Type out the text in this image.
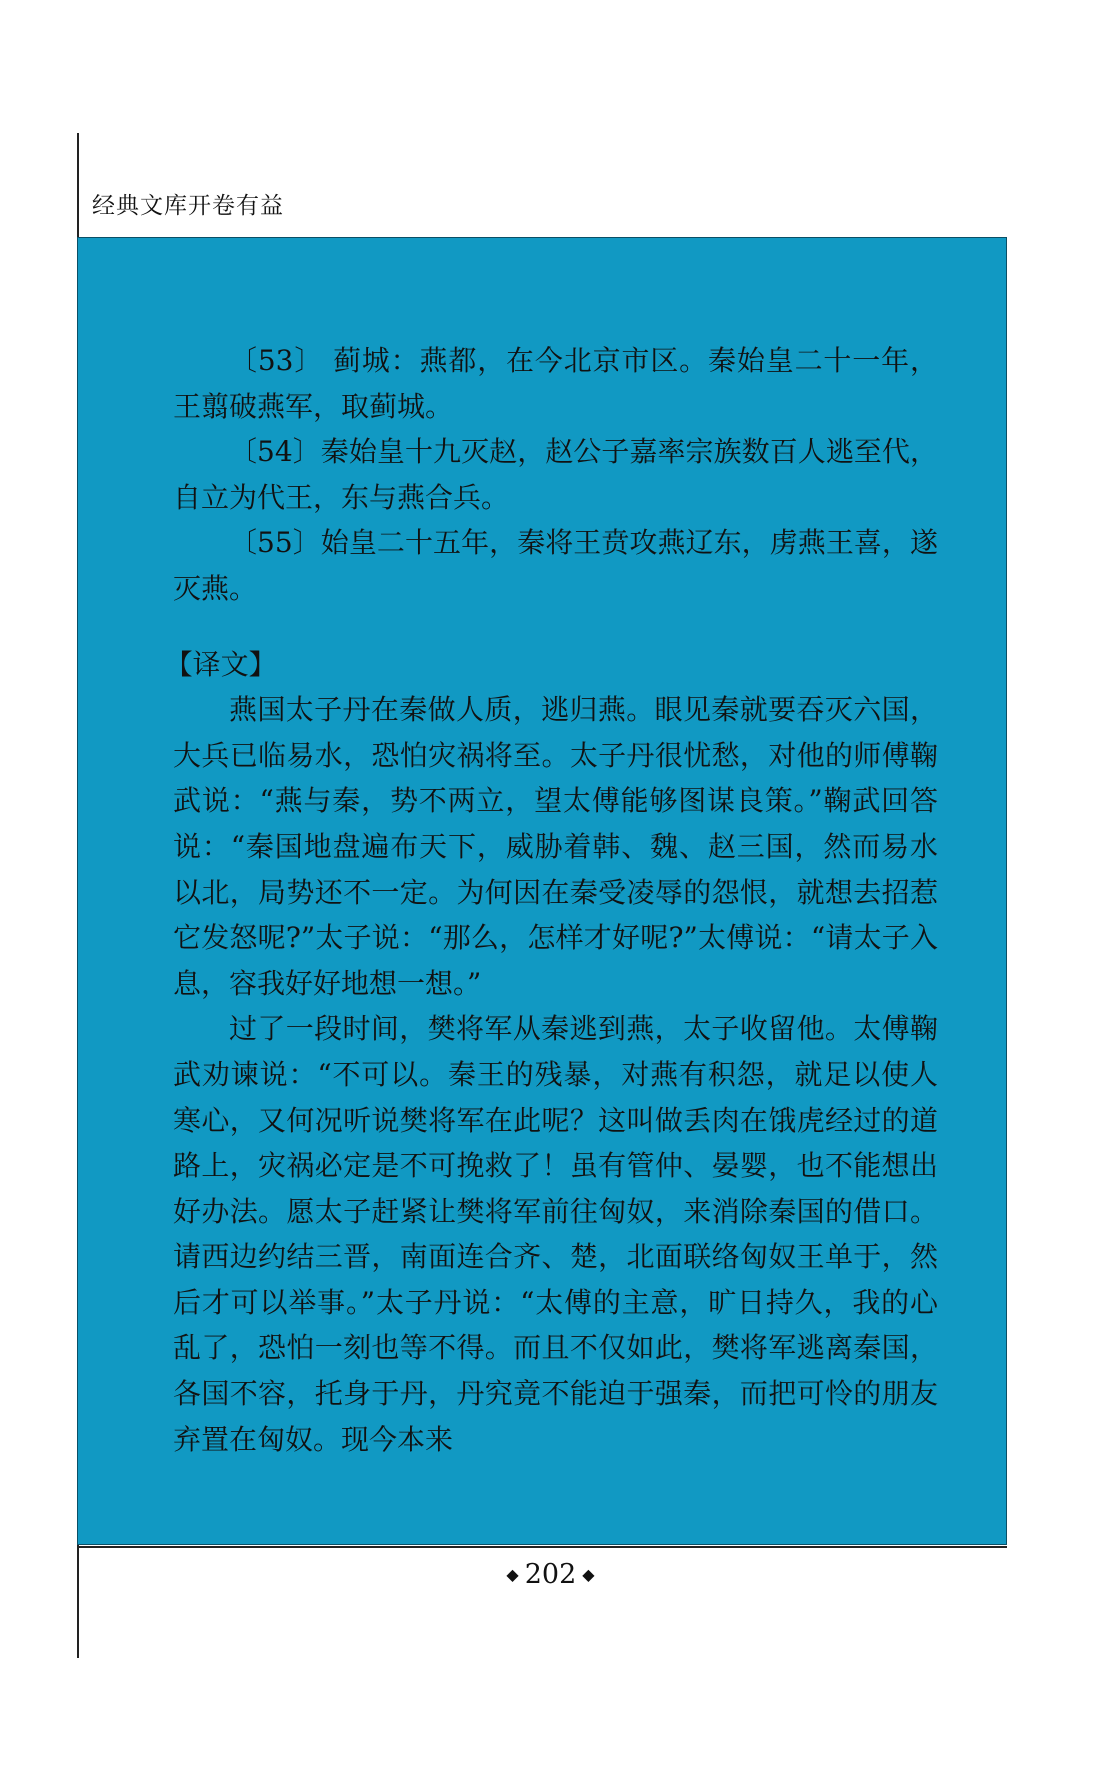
经典文库开卷有益

〔53〕 蓟城：燕都，在今北京市区。秦始皇二十一年，王翦破燕军，取蓟城。

〔54〕秦始皇十九灭赵，赵公子嘉率宗族数百人逃至代，自立为代王，东与燕合兵。

〔55〕始皇二十五年，秦将王贲攻燕辽东，虏燕王喜，遂灭燕。

【译文】

燕国太子丹在秦做人质，逃归燕。眼见秦就要吞灭六国，大兵已临易水，恐怕灾祸将至。太子丹很忧愁，对他的师傅鞠武说：“燕与秦，势不两立，望太傅能够图谋良策。”鞠武回答说：“秦国地盘遍布天下，威胁着韩、魏、赵三国，然而易水以北，局势还不一定。为何因在秦受凌辱的怨恨，就想去招惹它发怒呢?”太子说：“那么，怎样才好呢?”太傅说：“请太子入息，容我好好地想一想。”

过了一段时间，樊将军从秦逃到燕，太子收留他。太傅鞠武劝谏说：“不可以。秦王的残暴，对燕有积怨，就足以使人寒心，又何况听说樊将军在此呢？这叫做丢肉在饿虎经过的道路上，灾祸必定是不可挽救了！虽有管仲、晏婴，也不能想出好办法。愿太子赶紧让樊将军前往匈奴，来消除秦国的借口。请西边约结三晋，南面连合齐、楚，北面联络匈奴王单于，然后才可以举事。”太子丹说：“太傅的主意，旷日持久，我的心乱了，恐怕一刻也等不得。而且不仅如此，樊将军逃离秦国，各国不容，托身于丹，丹究竟不能迫于强秦，而把可怜的朋友弃置在匈奴。现今本来

◆ 202 ◆
